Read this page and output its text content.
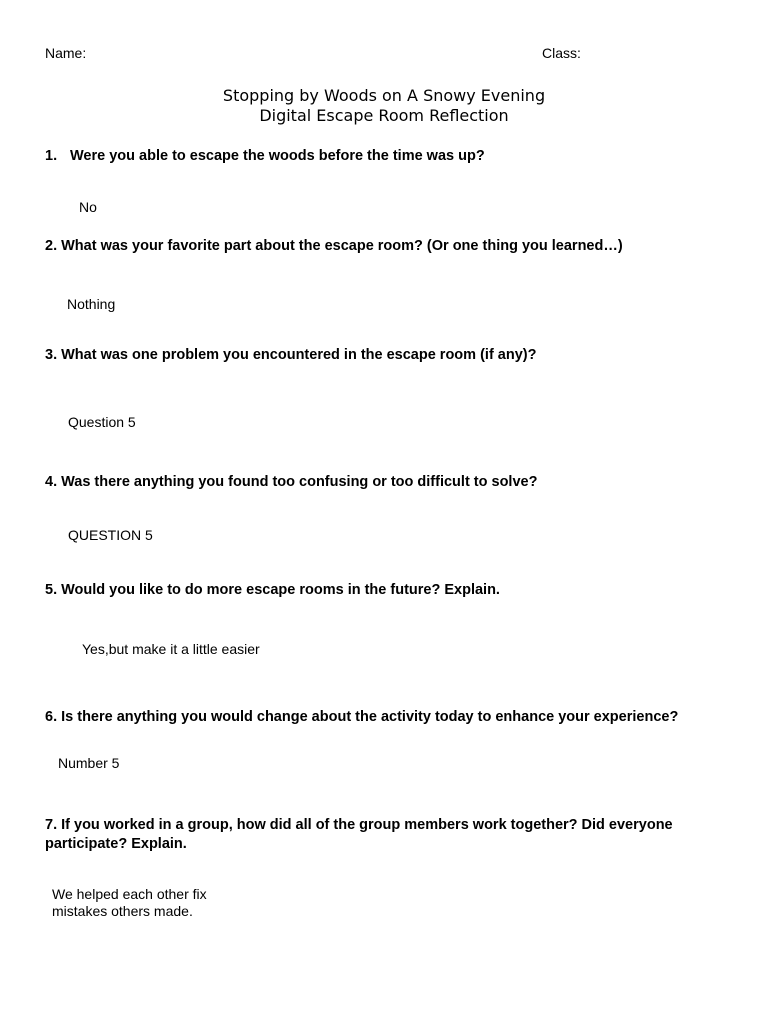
Name:	Class:
Stopping by Woods on A Snowy Evening
Digital Escape Room Reflection
1. Were you able to escape the woods before the time was up?
No
2. What was your favorite part about the escape room? (Or one thing you learned…)
Nothing
3. What was one problem you encountered in the escape room (if any)?
Question 5
4. Was there anything you found too confusing or too difficult to solve?
QUESTION 5
5. Would you like to do more escape rooms in the future? Explain.
Yes,but make it a little easier
6. Is there anything you would change about the activity today to enhance your experience?
Number 5
7. If you worked in a group, how did all of the group members work together? Did everyone
participate? Explain.
We helped each other fix
mistakes others made.
